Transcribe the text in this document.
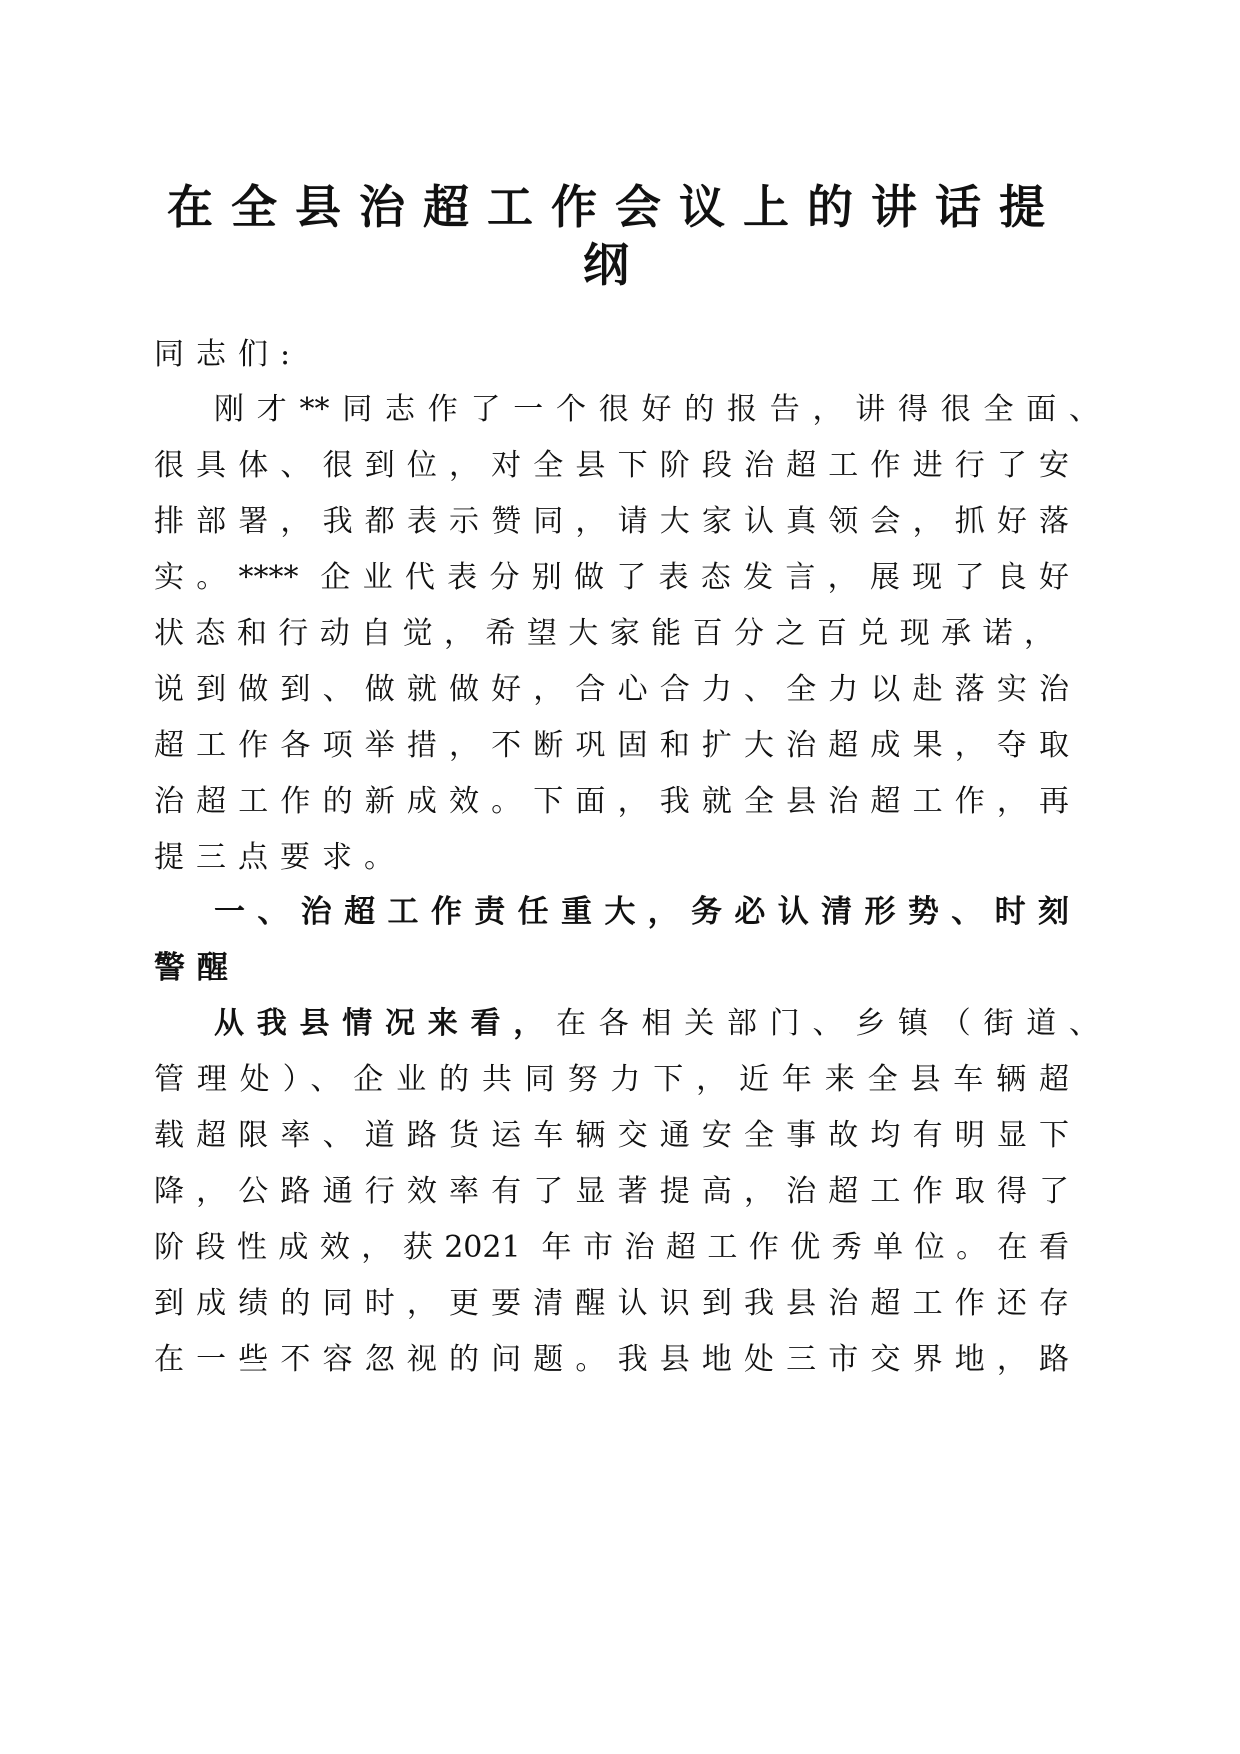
在全县治超工作会议上的讲话提
纲
同志们:
刚才**同志作了一个很好的报告，讲得很全面、
很具体、很到位，对全县下阶段治超工作进行了安
排部署，我都表示赞同，请大家认真领会，抓好落
实。**** 企业代表分别做了表态发言，展现了良好
状态和行动自觉，希望大家能百分之百兑现承诺，
说到做到、做就做好，合心合力、全力以赴落实治
超工作各项举措，不断巩固和扩大治超成果，夺取
治超工作的新成效。下面，我就全县治超工作，再
提三点要求。
一、治超工作责任重大，务必认清形势、时刻
警醒
从我县情况来看，在各相关部门、乡镇（街道、
管理处）、企业的共同努力下，近年来全县车辆超
载超限率、道路货运车辆交通安全事故均有明显下
降，公路通行效率有了显著提高，治超工作取得了
阶段性成效，获2021 年市治超工作优秀单位。在看
到成绩的同时，更要清醒认识到我县治超工作还存
在一些不容忽视的问题。我县地处三市交界地，路
